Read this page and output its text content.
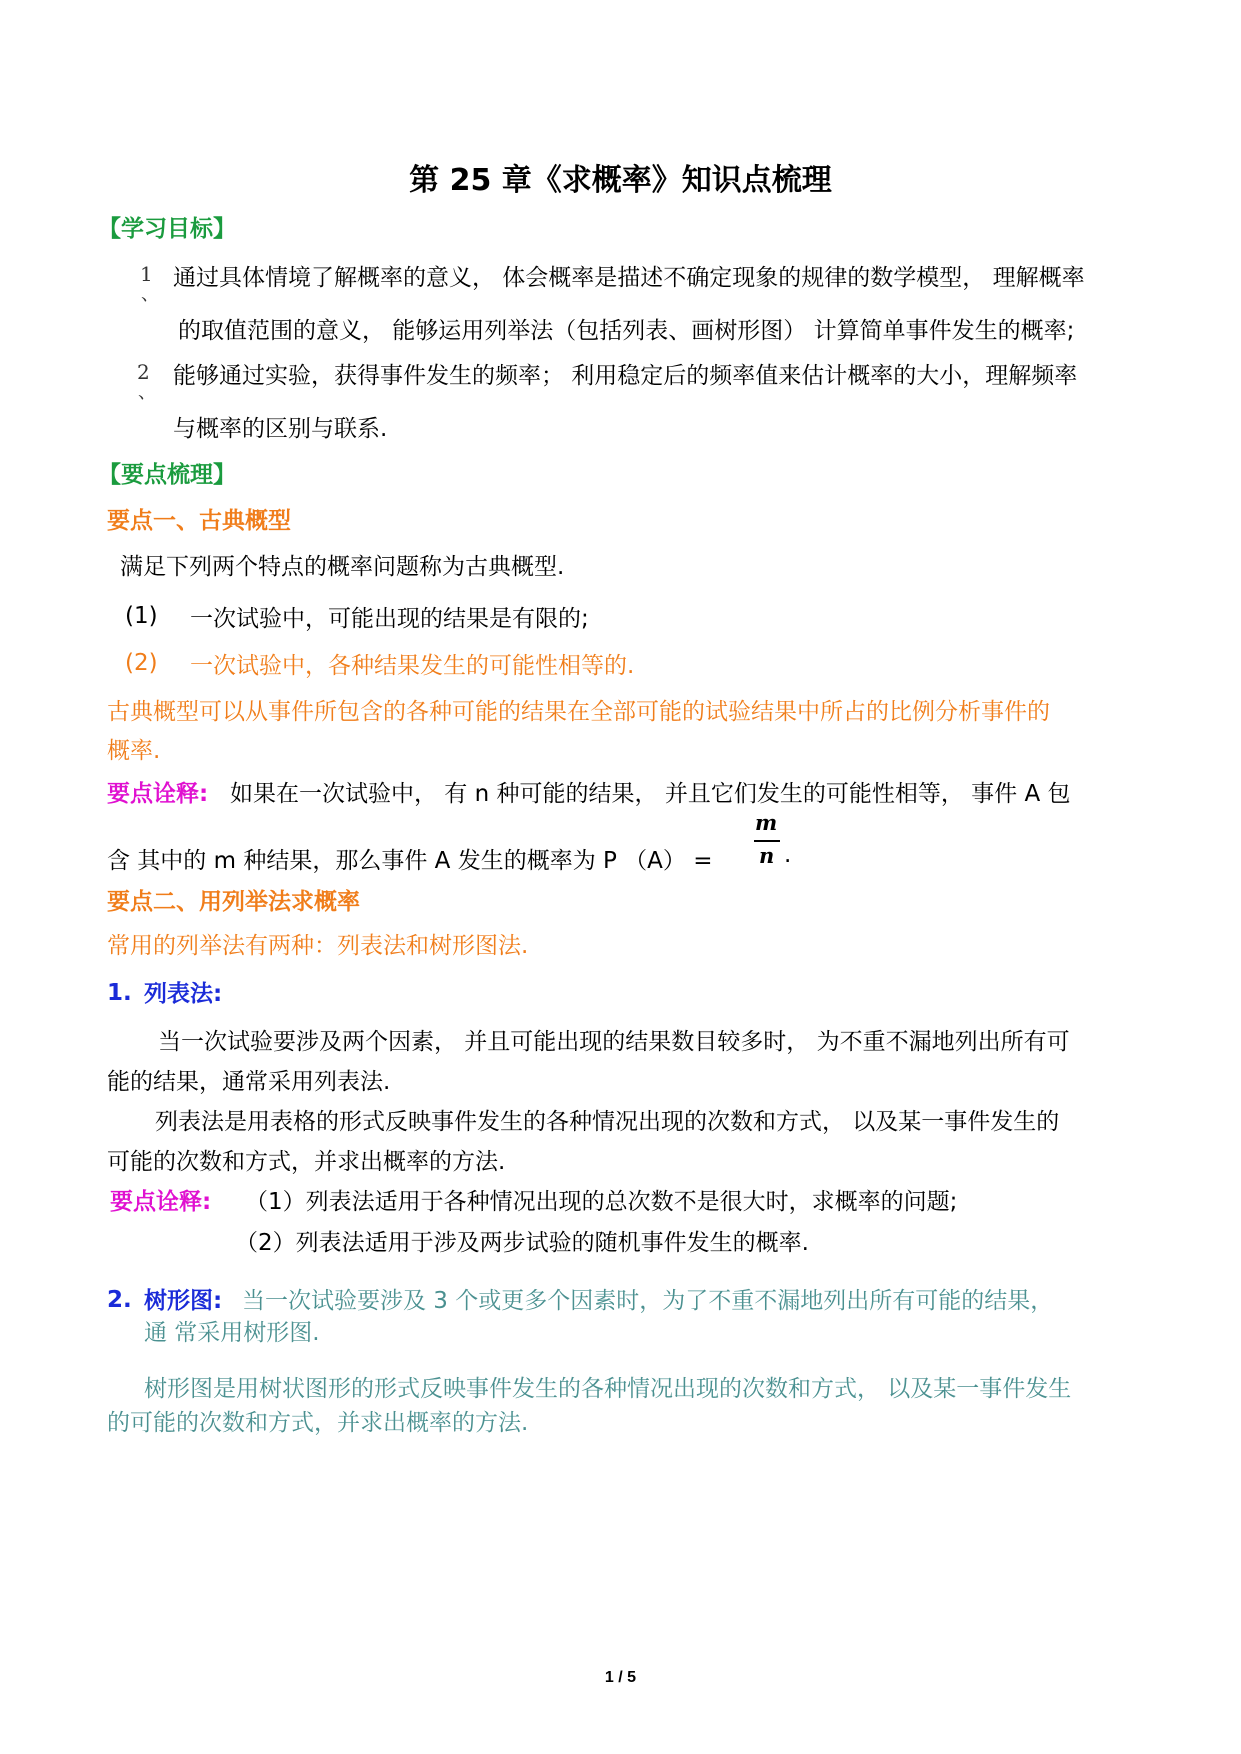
第 25 章《求概率》知识点梳理
【学习目标】
1
、
通过具体情境了解概率的意义， 体会概率是描述不确定现象的规律的数学模型， 理解概率
的取值范围的意义， 能够运用列举法（包括列表、画树形图） 计算简单事件发生的概率;
2
、
能够通过实验，获得事件发生的频率； 利用稳定后的频率值来估计概率的大小，理解频率
与概率的区别与联系.
【要点梳理】
要点一、古典概型
满足下列两个特点的概率问题称为古典概型.
(1) 一次试验中，可能出现的结果是有限的;
(2) 一次试验中，各种结果发生的可能性相等的.
古典概型可以从事件所包含的各种可能的结果在全部可能的试验结果中所占的比例分析事件的
概率.
要点诠释: 如果在一次试验中， 有 n 种可能的结果， 并且它们发生的可能性相等， 事件 A 包
含 其中的 m 种结果，那么事件 A 发生的概率为 P （A） =
m
n .
要点二、用列举法求概率
常用的列举法有两种：列表法和树形图法.
1. 列表法:
当一次试验要涉及两个因素， 并且可能出现的结果数目较多时， 为不重不漏地列出所有可
能的结果，通常采用列表法.
列表法是用表格的形式反映事件发生的各种情况出现的次数和方式， 以及某一事件发生的
可能的次数和方式，并求出概率的方法.
要点诠释: （1）列表法适用于各种情况出现的总次数不是很大时，求概率的问题;
（2）列表法适用于涉及两步试验的随机事件发生的概率.
2. 树形图: 当一次试验要涉及 3 个或更多个因素时，为了不重不漏地列出所有可能的结果，
通 常采用树形图.
树形图是用树状图形的形式反映事件发生的各种情况出现的次数和方式， 以及某一事件发生
的可能的次数和方式，并求出概率的方法.
1 / 5
